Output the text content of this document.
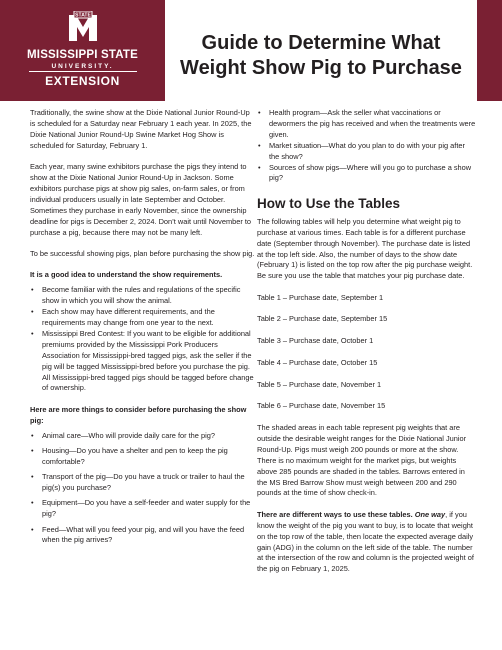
STATE
MISSISSIPPI STATE
UNIVERSITY.
EXTENSION
Guide to Determine What
Weight Show Pig to Purchase

Traditionally, the swine show at the Dixie National Junior Round-Up is scheduled for a Saturday near February 1 each year. In 2025, the Dixie National Junior Round-Up Swine Market Hog Show is scheduled for Saturday, February 1.

Each year, many swine exhibitors purchase the pigs they intend to show at the Dixie National Junior Round-Up in Jackson. Some exhibitors purchase pigs at show pig sales, on-farm sales, or from individual producers usually in late September and October. Sometimes they purchase in early November, since the ownership deadline for pigs is December 2, 2024. Don’t wait until November to purchase a pig, because there may not be many left.

To be successful showing pigs, plan before purchasing the show pig.

It is a good idea to understand the show requirements.

• Become familiar with the rules and regulations of the specific show in which you will show the animal.
• Each show may have different requirements, and the requirements may change from one year to the next.
• Mississippi Bred Contest: If you want to be eligible for additional premiums provided by the Mississippi Pork Producers Association for Mississippi-bred tagged pigs, ask the seller if the pig will be tagged Mississippi-bred before you purchase the pig. All Mississippi-bred tagged pigs should be tagged before change of ownership.

Here are more things to consider before purchasing the show pig:

• Animal care—Who will provide daily care for the pig?
• Housing—Do you have a shelter and pen to keep the pig comfortable?
• Transport of the pig—Do you have a truck or trailer to haul the pig(s) you purchase?
• Equipment—Do you have a self-feeder and water supply for the pig?
• Feed—What will you feed your pig, and will you have the feed when the pig arrives?
• Health program—Ask the seller what vaccinations or dewormers the pig has received and when the treatments were given.
• Market situation—What do you plan to do with your pig after the show?
• Sources of show pigs—Where will you go to purchase a show pig?
How to Use the Tables

The following tables will help you determine what weight pig to purchase at various times. Each table is for a different purchase date (September through November). The purchase date is listed at the top left side. Also, the number of days to the show date (February 1) is listed on the top row after the pig purchase weight. Be sure you use the table that matches your pig purchase date.

Table 1 – Purchase date, September 1
Table 2 – Purchase date, September 15
Table 3 – Purchase date, October 1
Table 4 – Purchase date, October 15
Table 5 – Purchase date, November 1
Table 6 – Purchase date, November 15

The shaded areas in each table represent pig weights that are outside the desirable weight ranges for the Dixie National Junior Round-Up. Pigs must weigh 200 pounds or more at the show. There is no maximum weight for the market pigs, but weights above 285 pounds are shaded in the tables. Barrows entered in the MS Bred Barrow Show must weigh between 200 and 290 pounds at the time of show check-in.

There are different ways to use these tables. One way, if you know the weight of the pig you want to buy, is to locate that weight on the top row of the table, then locate the expected average daily gain (ADG) in the column on the left side of the table. The number at the intersection of the row and column is the projected weight of the pig on February 1, 2025.
